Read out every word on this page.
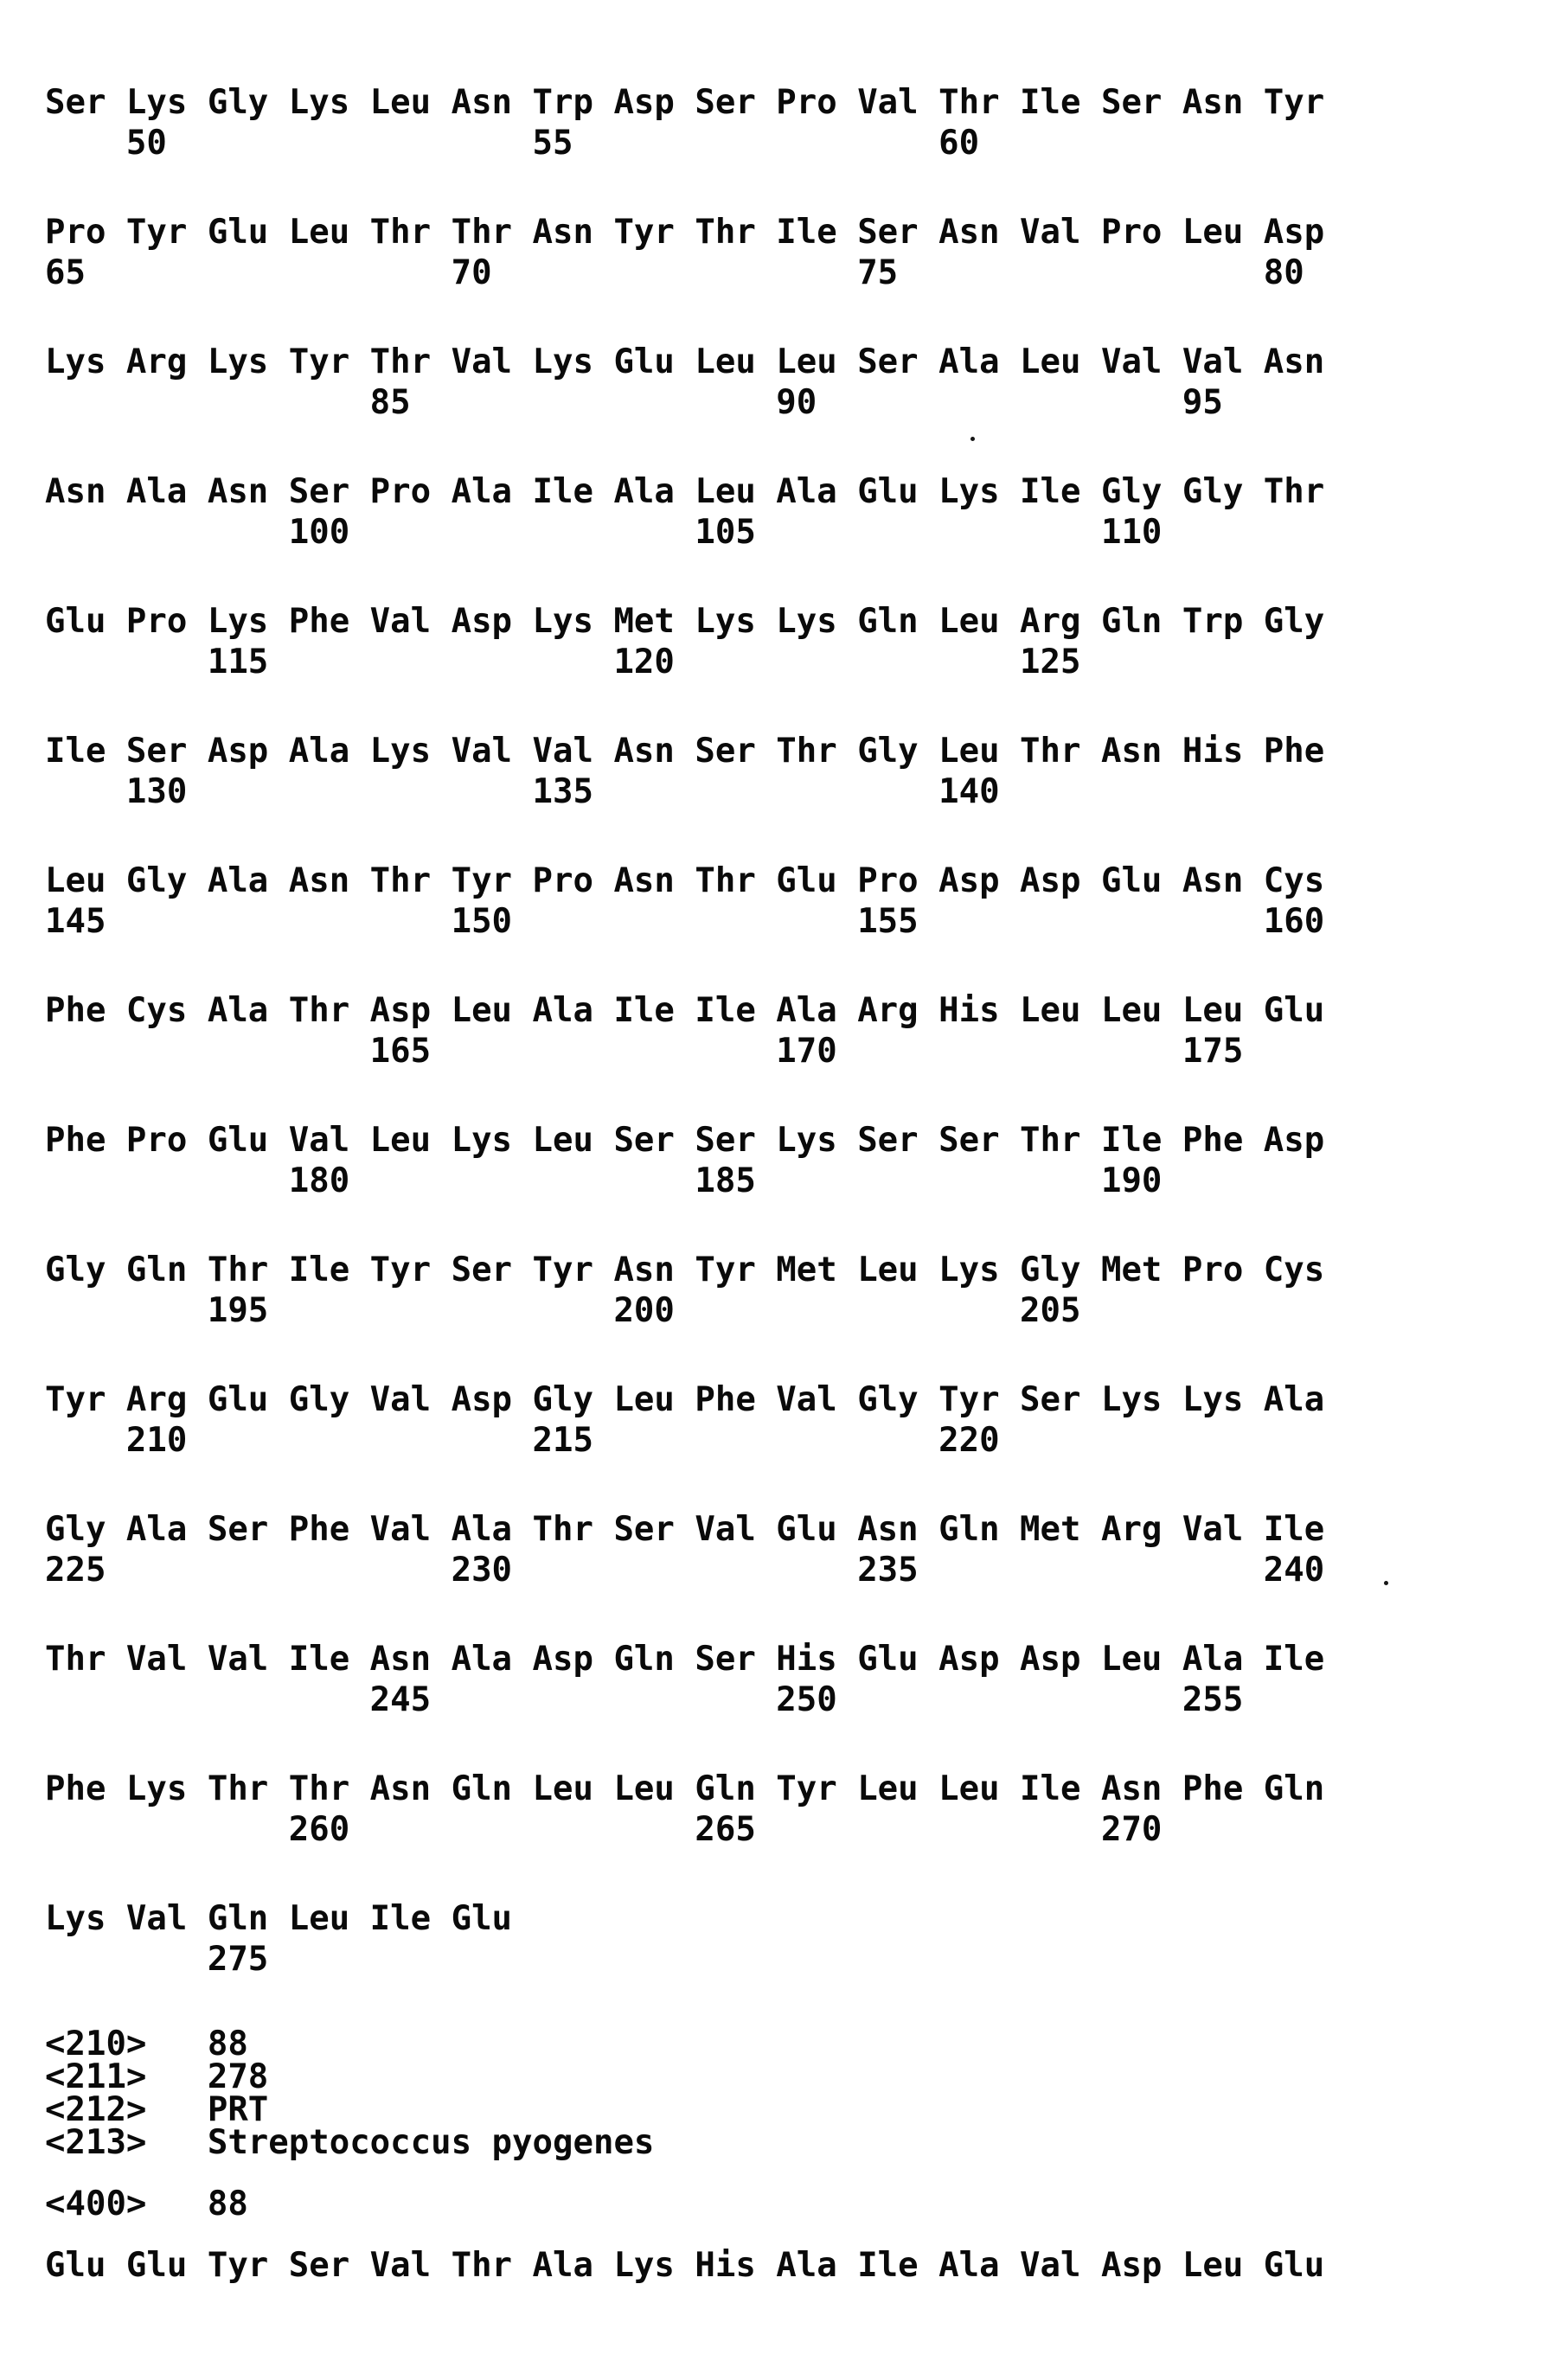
Ser Lys Gly Lys Leu Asn Trp Asp Ser Pro Val Thr Ile Ser Asn Tyr
50                  55                  60
Pro Tyr Glu Leu Thr Thr Asn Tyr Thr Ile Ser Asn Val Pro Leu Asp
65                  70                  75                  80
Lys Arg Lys Tyr Thr Val Lys Glu Leu Leu Ser Ala Leu Val Val Asn
85                  90                  95
Asn Ala Asn Ser Pro Ala Ile Ala Leu Ala Glu Lys Ile Gly Gly Thr
100                 105                 110
Glu Pro Lys Phe Val Asp Lys Met Lys Lys Gln Leu Arg Gln Trp Gly
115                 120                 125
Ile Ser Asp Ala Lys Val Val Asn Ser Thr Gly Leu Thr Asn His Phe
130                 135                 140
Leu Gly Ala Asn Thr Tyr Pro Asn Thr Glu Pro Asp Asp Glu Asn Cys
145                 150                 155                 160
Phe Cys Ala Thr Asp Leu Ala Ile Ile Ala Arg His Leu Leu Leu Glu
165                 170                 175
Phe Pro Glu Val Leu Lys Leu Ser Ser Lys Ser Ser Thr Ile Phe Asp
180                 185                 190
Gly Gln Thr Ile Tyr Ser Tyr Asn Tyr Met Leu Lys Gly Met Pro Cys
195                 200                 205
Tyr Arg Glu Gly Val Asp Gly Leu Phe Val Gly Tyr Ser Lys Lys Ala
210                 215                 220
Gly Ala Ser Phe Val Ala Thr Ser Val Glu Asn Gln Met Arg Val Ile
225                 230                 235                 240
Thr Val Val Ile Asn Ala Asp Gln Ser His Glu Asp Asp Leu Ala Ile
245                 250                 255
Phe Lys Thr Thr Asn Gln Leu Leu Gln Tyr Leu Leu Ile Asn Phe Gln
260                 265                 270
Lys Val Gln Leu Ile Glu
275
<210>   88
<211>   278
<212>   PRT
<213>   Streptococcus pyogenes
<400>   88
Glu Glu Tyr Ser Val Thr Ala Lys His Ala Ile Ala Val Asp Leu Glu
